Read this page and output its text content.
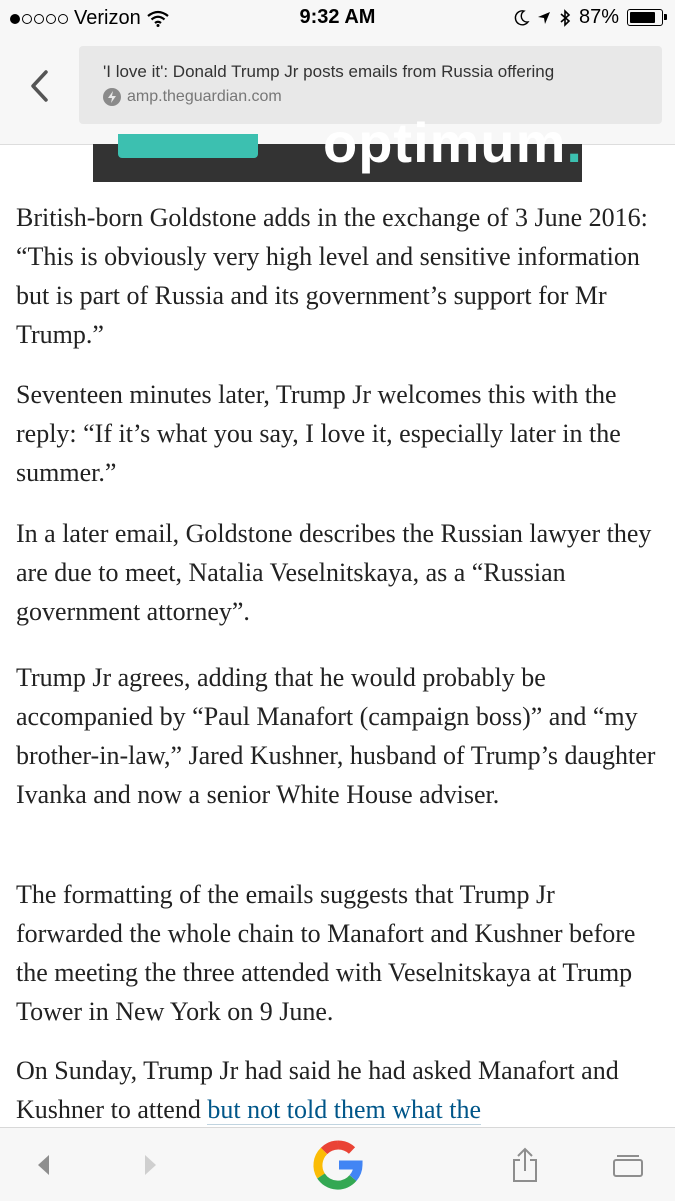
Verizon	9:32 AM	87%
'I love it': Donald Trump Jr posts emails from Russia offering
amp.theguardian.com
optimum.

British-born Goldstone adds in the exchange of 3 June 2016: “This is obviously very high level and sensitive information but is part of Russia and its government’s support for Mr Trump.”

Seventeen minutes later, Trump Jr welcomes this with the reply: “If it’s what you say, I love it, especially later in the summer.”

In a later email, Goldstone describes the Russian lawyer they are due to meet, Natalia Veselnitskaya, as a “Russian government attorney”.

Trump Jr agrees, adding that he would probably be accompanied by “Paul Manafort (campaign boss)” and “my brother-in-law,” Jared Kushner, husband of Trump’s daughter Ivanka and now a senior White House adviser.

The formatting of the emails suggests that Trump Jr forwarded the whole chain to Manafort and Kushner before the meeting the three attended with Veselnitskaya at Trump Tower in New York on 9 June.

On Sunday, Trump Jr had said he had asked Manafort and Kushner to attend but not told them what the
